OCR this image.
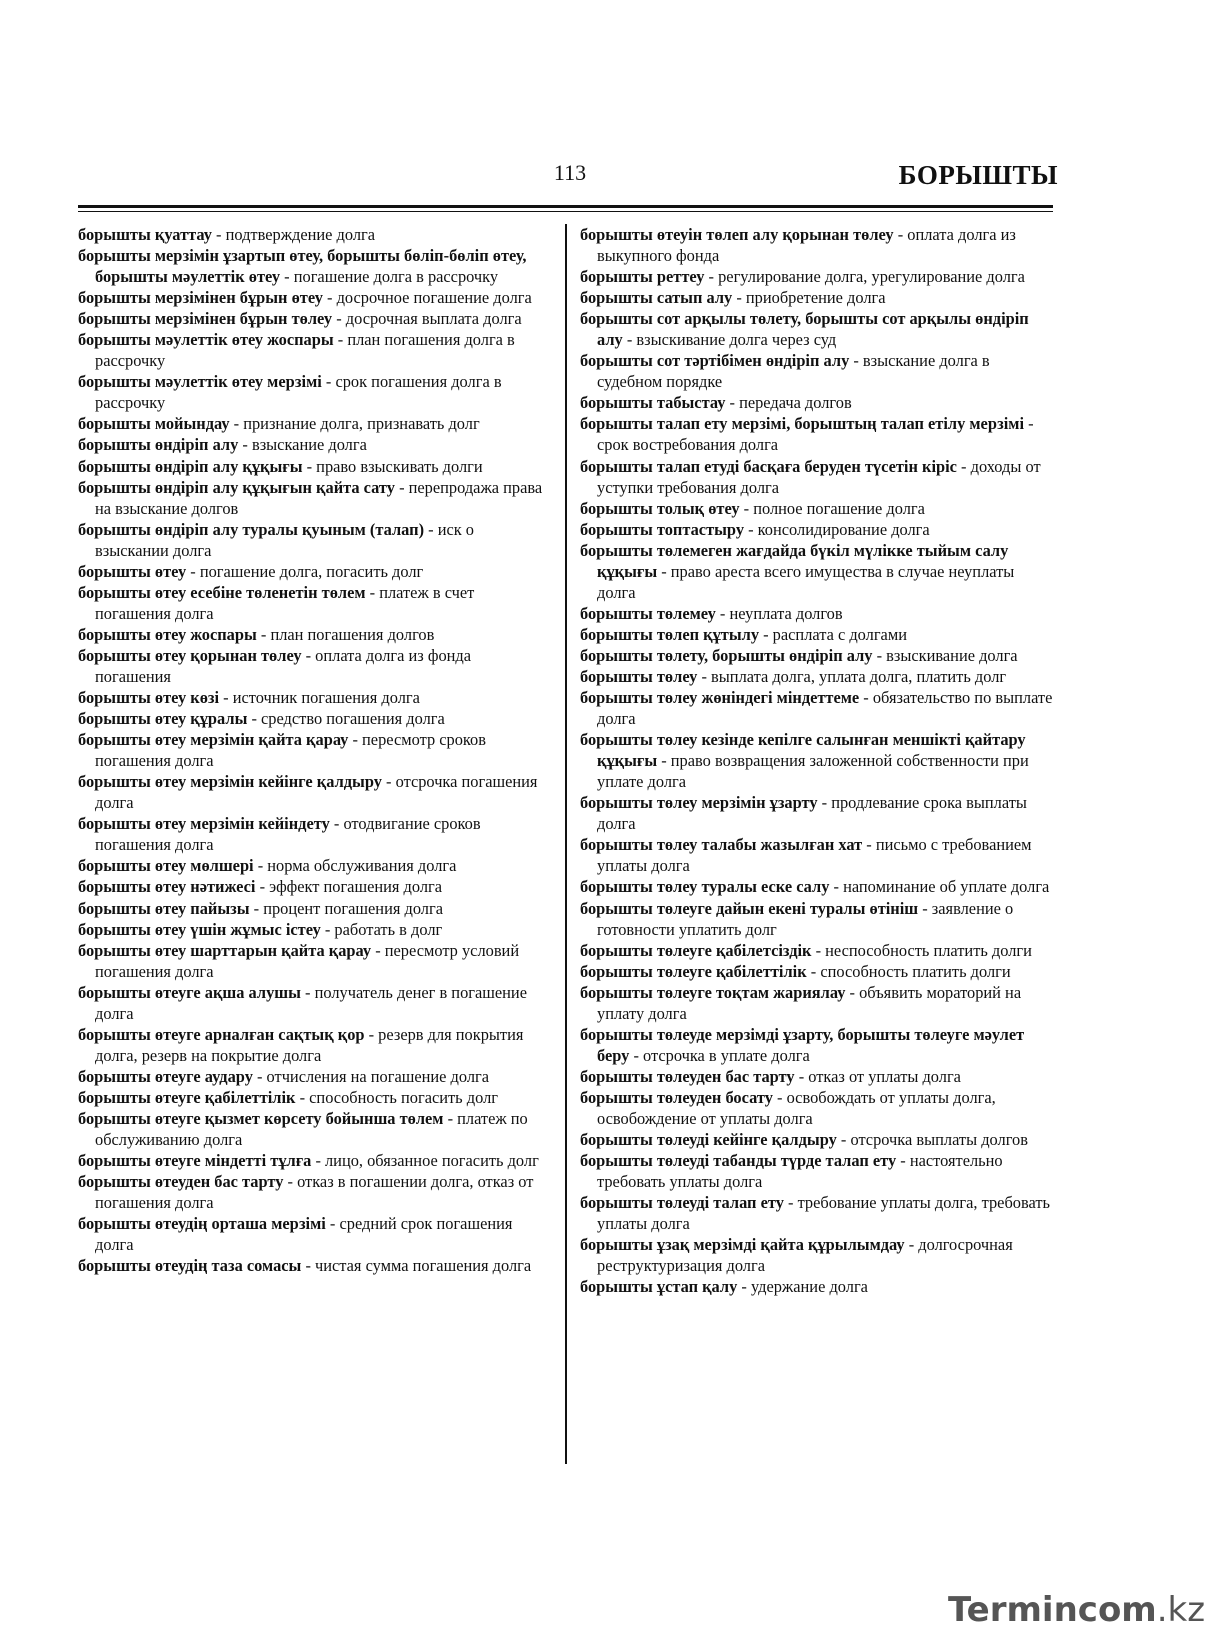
113	БОРЫШТЫ

борышты қуаттау - подтверждение долга

борышты мерзімін ұзартып өтеу, борышты бөліп-бөліп өтеу, борышты мәулеттік өтеу - погашение долга в рассрочку

борышты мерзімінен бұрын өтеу - досрочное погашение долга

борышты мерзімінен бұрын төлеу - досрочная выплата долга

борышты мәулеттік өтеу жоспары - план погашения долга в рассрочку

борышты мәулеттік өтеу мерзімі - срок погашения долга в рассрочку

борышты мойындау - признание долга, признавать долг

борышты өндіріп алу - взыскание долга

борышты өндіріп алу құқығы - право взыскивать долги

борышты өндіріп алу құқығын қайта сату - перепродажа права на взыскание долгов

борышты өндіріп алу туралы қуыным (талап) - иск о взыскании долга

борышты өтеу - погашение долга, погасить долг

борышты өтеу есебіне төленетін төлем - платеж в счет погашения долга

борышты өтеу жоспары - план погашения долгов

борышты өтеу қорынан төлеу - оплата долга из фонда погашения

борышты өтеу көзі - источник погашения долга

борышты өтеу құралы - средство погашения долга

борышты өтеу мерзімін қайта қарау - пересмотр сроков погашения долга

борышты өтеу мерзімін кейінге қалдыру - отсрочка погашения долга

борышты өтеу мерзімін кейіндету - отодвигание сроков погашения долга

борышты өтеу мөлшері - норма обслуживания долга

борышты өтеу нәтижесі - эффект погашения долга

борышты өтеу пайызы - процент погашения долга

борышты өтеу үшін жұмыс істеу - работать в долг

борышты өтеу шарттарын қайта қарау - пересмотр условий погашения долга

борышты өтеуге ақша алушы - получатель денег в погашение долга

борышты өтеуге арналған сақтық қор - резерв для покрытия долга, резерв на покрытие долга

борышты өтеуге аудару - отчисления на погашение долга

борышты өтеуге қабілеттілік - способность погасить долг

борышты өтеуге қызмет көрсету бойынша төлем - платеж по обслуживанию долга

борышты өтеуге міндетті тұлға - лицо, обязанное погасить долг

борышты өтеуден бас тарту - отказ в погашении долга, отказ от погашения долга

борышты өтеудің орташа мерзімі - средний срок погашения долга

борышты өтеудің таза сомасы - чистая сумма погашения долга

борышты өтеуін төлеп алу қорынан төлеу - оплата долга из выкупного фонда

борышты реттеу - регулирование долга, урегулирование долга

борышты сатып алу - приобретение долга

борышты сот арқылы төлету, борышты сот арқылы өндіріп алу - взыскивание долга через суд

борышты сот тәртібімен өндіріп алу - взыскание долга в судебном порядке

борышты табыстау - передача долгов

борышты талап ету мерзімі, борыштың талап етілу мерзімі - срок востребования долга

борышты талап етуді басқаға беруден түсетін кіріс - доходы от уступки требования долга

борышты толық өтеу - полное погашение долга

борышты топтастыру - консолидирование долга

борышты төлемеген жағдайда бүкіл мүлікке тыйым салу құқығы - право ареста всего имущества в случае неуплаты долга

борышты төлемеу - неуплата долгов

борышты төлеп құтылу - расплата с долгами

борышты төлету, борышты өндіріп алу - взыскивание долга

борышты төлеу - выплата долга, уплата долга, платить долг

борышты төлеу жөніндегі міндеттеме - обязательство по выплате долга

борышты төлеу кезінде кепілге салынған меншікті қайтару құқығы - право возвращения заложенной собственности при уплате долга

борышты төлеу мерзімін ұзарту - продлевание срока выплаты долга

борышты төлеу талабы жазылған хат - письмо с требованием уплаты долга

борышты төлеу туралы еске салу - напоминание об уплате долга

борышты төлеуге дайын екені туралы өтініш - заявление о готовности уплатить долг

борышты төлеуге қабілетсіздік - неспособность платить долги

борышты төлеуге қабілеттілік - способность платить долги

борышты төлеуге тоқтам жариялау - объявить мораторий на уплату долга

борышты төлеуде мерзімді ұзарту, борышты төлеуге мәулет беру - отсрочка в уплате долга

борышты төлеуден бас тарту - отказ от уплаты долга

борышты төлеуден босату - освобождать от уплаты долга, освобождение от уплаты долга

борышты төлеуді кейінге қалдыру - отсрочка выплаты долгов

борышты төлеуді табанды түрде талап ету - настоятельно требовать уплаты долга

борышты төлеуді талап ету - требование уплаты долга, требовать уплаты долга

борышты ұзақ мерзімді қайта құрылымдау - долгосрочная реструктуризация долга

борышты ұстап қалу - удержание долга

Termincom.kz
